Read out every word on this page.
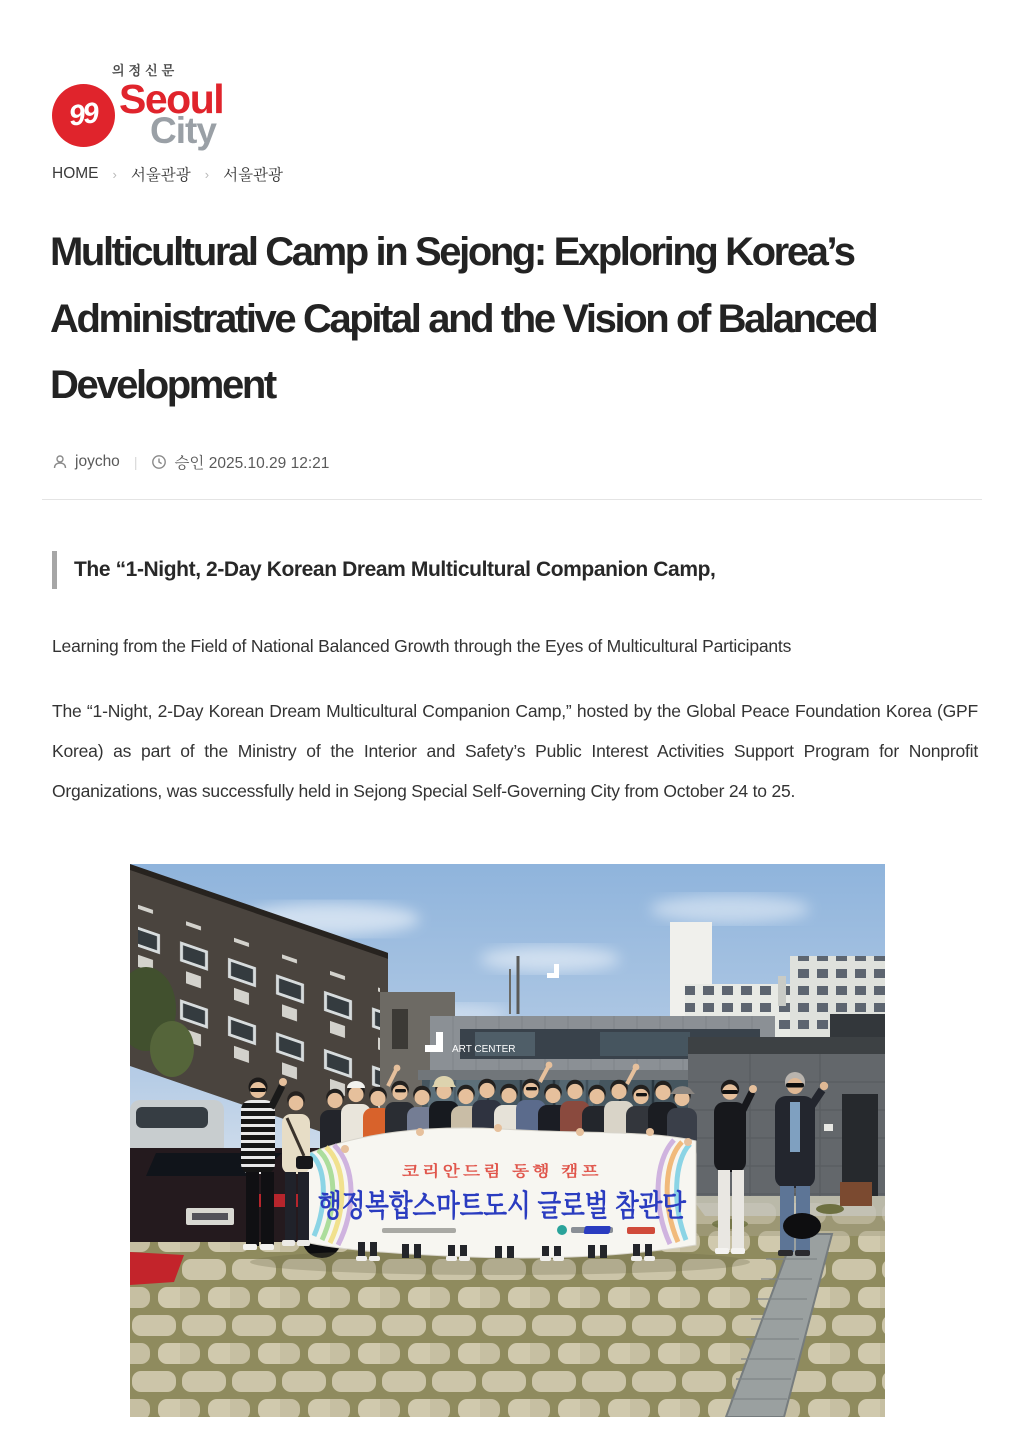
의정신문
99 Seoul
City
HOME › 서울관광 › 서울관광
Multicultural Camp in Sejong: Exploring Korea’s Administrative Capital and the Vision of Balanced Development
joycho | 승인 2025.10.29 12:21
The “1-Night, 2-Day Korean Dream Multicultural Companion Camp,

Learning from the Field of National Balanced Growth through the Eyes of Multicultural Participants

The “1-Night, 2-Day Korean Dream Multicultural Companion Camp,” hosted by the Global Peace Foundation Korea (GPF Korea) as part of the Ministry of the Interior and Safety’s Public Interest Activities Support Program for Nonprofit Organizations, was successfully held in Sejong Special Self-Governing City from October 24 to 25.

ART CENTER
코리안드림 동행 캠프
행정복합스마트도시 글로벌 참관단
